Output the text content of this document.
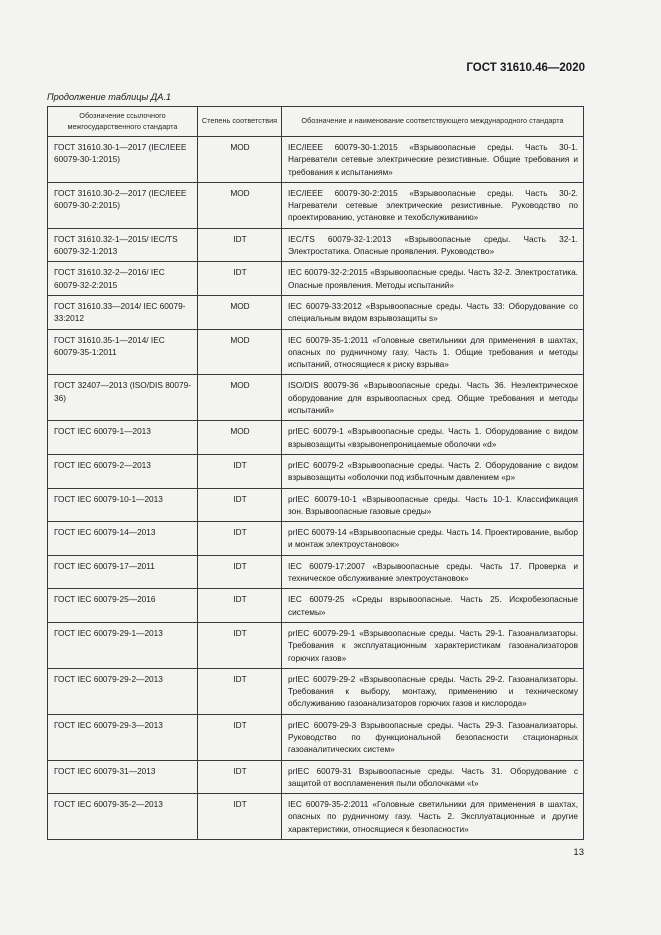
ГОСТ 31610.46—2020
Продолжение таблицы ДА.1
Обозначение ссылочного межгосударственного стандарта	Степень соответствия	Обозначение и наименование соответствующего международного стандарта
ГОСТ 31610.30-1—2017 (IEC/IEEE 60079-30-1:2015)	MOD	IEC/IEEE 60079-30-1:2015 «Взрывоопасные среды. Часть 30-1. Нагреватели сетевые электрические резистивные. Общие требования и требования к испытаниям»
ГОСТ 31610.30-2—2017 (IEC/IEEE 60079-30-2:2015)	MOD	IEC/IEEE 60079-30-2:2015 «Взрывоопасные среды. Часть 30-2. Нагреватели сетевые электрические резистивные. Руководство по проектированию, установке и техобслуживанию»
ГОСТ 31610.32-1—2015/ IEC/TS 60079-32-1:2013	IDT	IEC/TS 60079-32-1:2013 «Взрывоопасные среды. Часть 32-1. Электростатика. Опасные проявления. Руководство»
ГОСТ 31610.32-2—2016/ IEC 60079-32-2:2015	IDT	IEC 60079-32-2:2015 «Взрывоопасные среды. Часть 32-2. Электростатика. Опасные проявления. Методы испытаний»
ГОСТ 31610.33—2014/ IEC 60079-33:2012	MOD	IEC 60079-33:2012 «Взрывоопасные среды. Часть 33: Оборудование со специальным видом взрывозащиты s»
ГОСТ 31610.35-1—2014/ IEC 60079-35-1:2011	MOD	IEC 60079-35-1:2011 «Головные светильники для применения в шахтах, опасных по рудничному газу. Часть 1. Общие требования и методы испытаний, относящиеся к риску взрыва»
ГОСТ 32407—2013 (ISO/DIS 80079-36)	MOD	ISO/DIS 80079-36 «Взрывоопасные среды. Часть 36. Неэлектрическое оборудование для взрывоопасных сред. Общие требования и методы испытаний»
ГОСТ IEC 60079-1—2013	MOD	prIEC 60079-1 «Взрывоопасные среды. Часть 1. Оборудование с видом взрывозащиты «взрывонепроницаемые оболочки «d»
ГОСТ IEC 60079-2—2013	IDT	prIEC 60079-2 «Взрывоопасные среды. Часть 2. Оборудование с видом взрывозащиты «оболочки под избыточным давлением «р»
ГОСТ IEC 60079-10-1—2013	IDT	prIEC 60079-10-1 «Взрывоопасные среды. Часть 10-1. Классификация зон. Взрывоопасные газовые среды»
ГОСТ IEC 60079-14—2013	IDT	prIEC 60079-14 «Взрывоопасные среды. Часть 14. Проектирование, выбор и монтаж электроустановок»
ГОСТ IEC 60079-17—2011	IDT	IEC 60079-17:2007 «Взрывоопасные среды. Часть 17. Проверка и техническое обслуживание электроустановок»
ГОСТ IEC 60079-25—2016	IDT	IEC 60079-25 «Среды взрывоопасные. Часть 25. Искробезопасные системы»
ГОСТ IEC 60079-29-1—2013	IDT	prIEC 60079-29-1 «Взрывоопасные среды. Часть 29-1. Газоанализаторы. Требования к эксплуатационным характеристикам газоанализаторов горючих газов»
ГОСТ IEC 60079-29-2—2013	IDT	prIEC 60079-29-2 «Взрывоопасные среды. Часть 29-2. Газоанализаторы. Требования к выбору, монтажу, применению и техническому обслуживанию газоанализаторов горючих газов и кислорода»
ГОСТ IEC 60079-29-3—2013	IDT	prIEC 60079-29-3 Взрывоопасные среды. Часть 29-3. Газоанализаторы. Руководство по функциональной безопасности стационарных газоаналитических систем»
ГОСТ IEC 60079-31—2013	IDT	prIEC 60079-31 Взрывоопасные среды. Часть 31. Оборудование с защитой от воспламенения пыли оболочками «t»
ГОСТ IEC 60079-35-2—2013	IDT	IEC 60079-35-2:2011 «Головные светильники для применения в шахтах, опасных по рудничному газу. Часть 2. Эксплуатационные и другие характеристики, относящиеся к безопасности»
13
